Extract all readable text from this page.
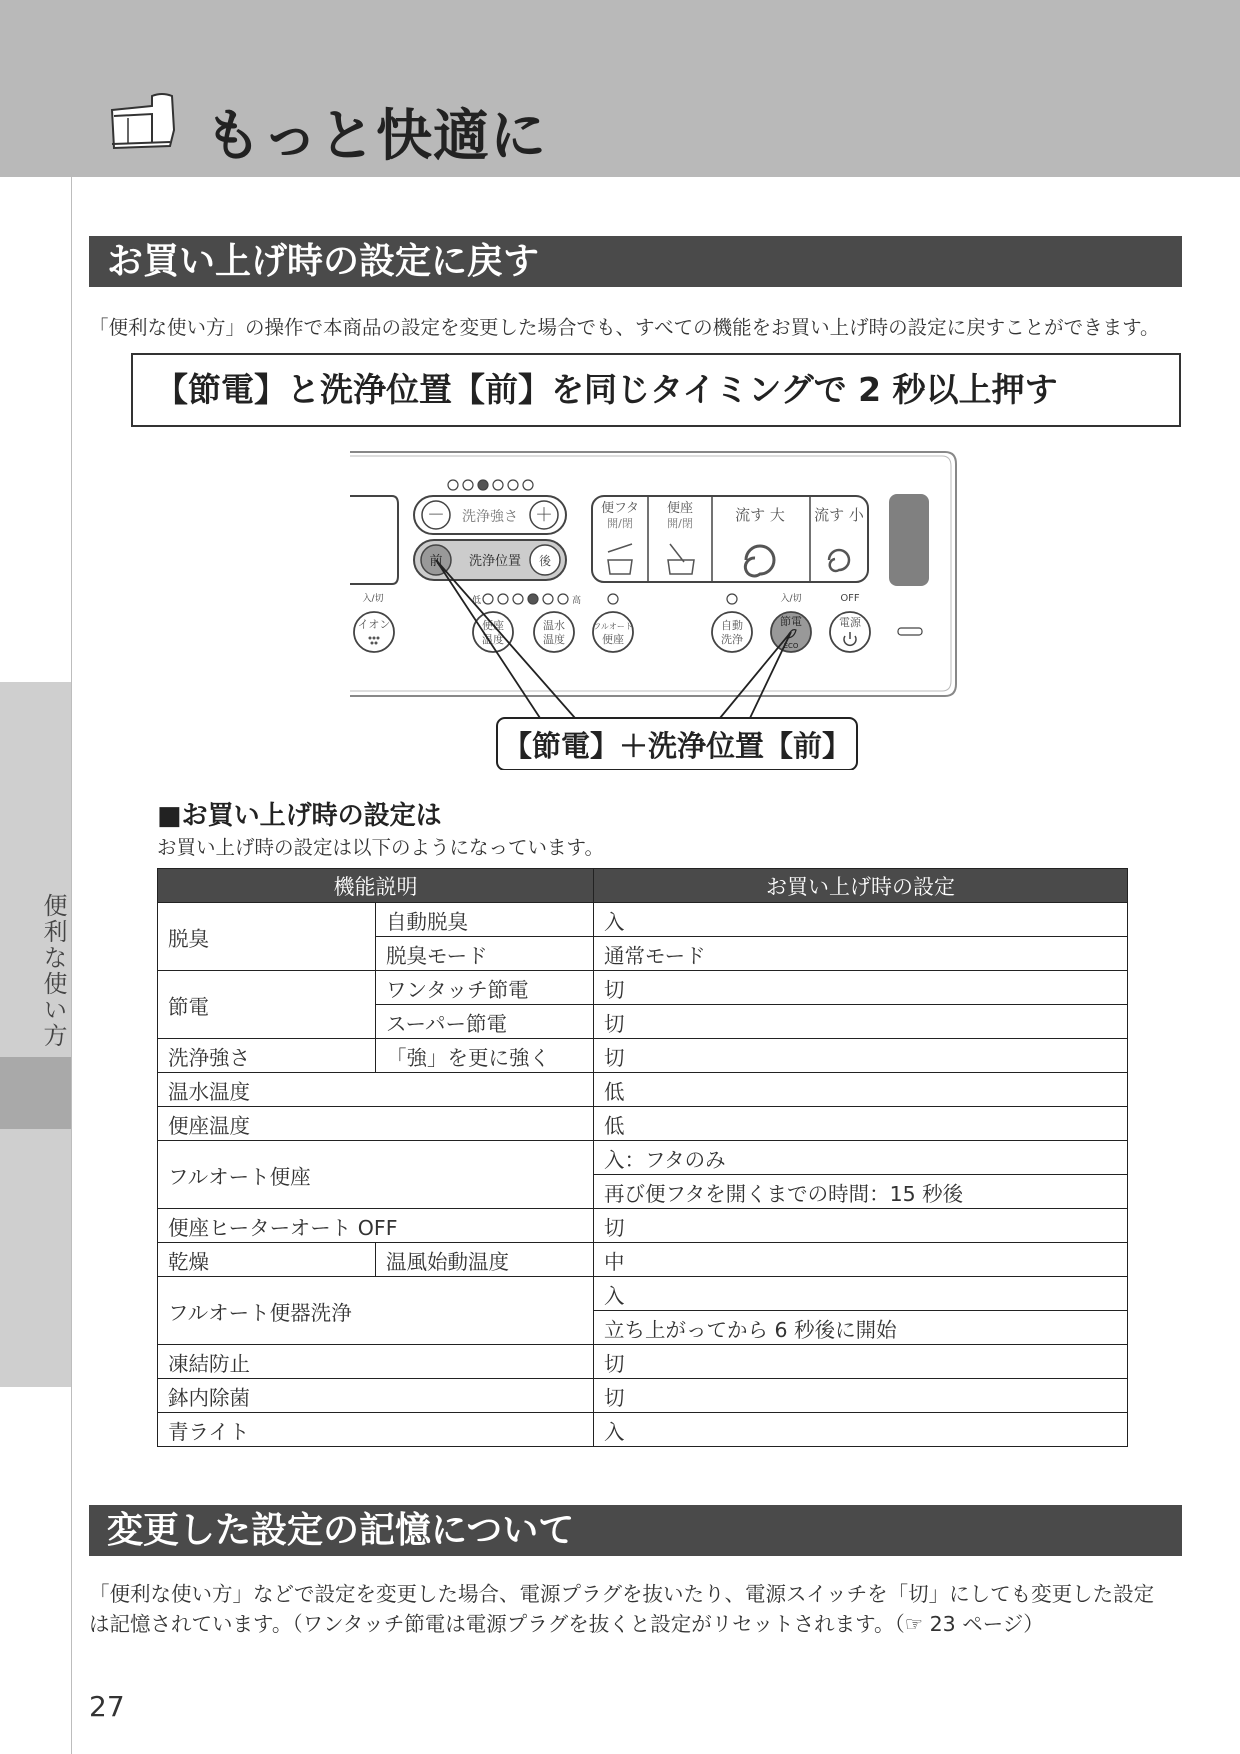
もっと快適に
便利な使い方
お買い上げ時の設定に戻す
「便利な使い方」の操作で本商品の設定を変更した場合でも、すべての機能をお買い上げ時の設定に戻すことができます。
【節電】と洗浄位置【前】を同じタイミングで 2 秒以上押す
－ 洗浄強さ ＋
前 洗浄位置 後
便フタ
開/閉
便座
開/閉	流す 大 流す 小
入/切
イオン
低	高
便座
温度
温水
温度
フルオート
便座
自動
洗浄
入/切
節電
ECO
OFF
電源
【節電】＋洗浄位置【前】
■お買い上げ時の設定は
お買い上げ時の設定は以下のようになっています。
機能説明		お買い上げ時の設定
脱臭	自動脱臭	入
	脱臭モード	通常モード
節電	ワンタッチ節電	切
	スーパー節電	切
洗浄強さ	「強」を更に強く	切
温水温度		低
便座温度		低
フルオート便座		入：フタのみ
		再び便フタを開くまでの時間：15 秒後
便座ヒーターオート OFF		切
乾燥	温風始動温度	中
フルオート便器洗浄		入
		立ち上がってから 6 秒後に開始
凍結防止		切
鉢内除菌		切
青ライト		入
変更した設定の記憶について
「便利な使い方」などで設定を変更した場合、電源プラグを抜いたり、電源スイッチを「切」にしても変更した設定
は記憶されています。（ワンタッチ節電は電源プラグを抜くと設定がリセットされます。（☞ 23 ページ）
27
